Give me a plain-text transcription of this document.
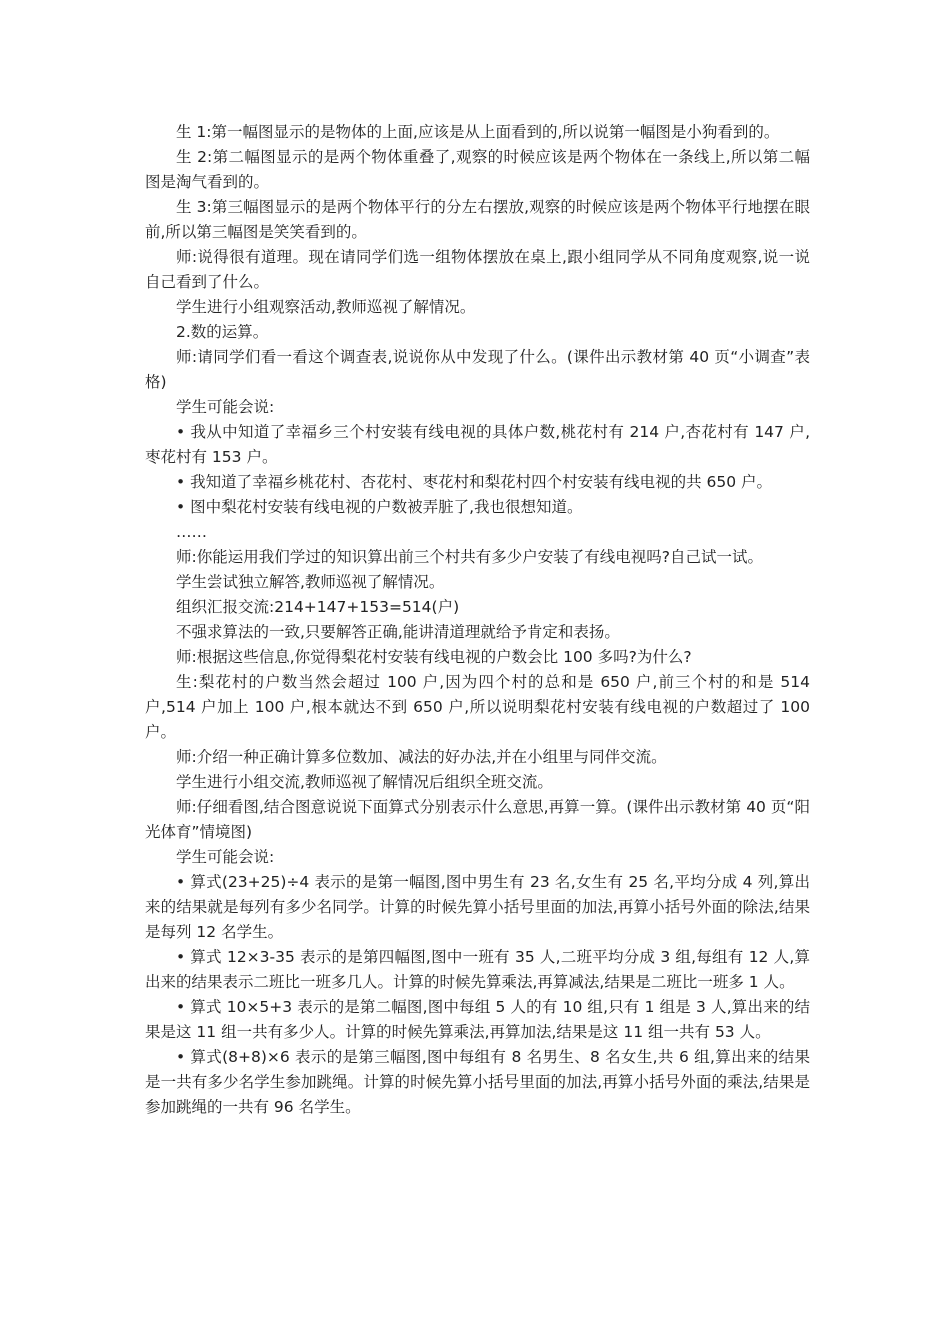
生 1:第一幅图显示的是物体的上面,应该是从上面看到的,所以说第一幅图是小狗看到的。

生 2:第二幅图显示的是两个物体重叠了,观察的时候应该是两个物体在一条线上,所以第二幅图是淘气看到的。

生 3:第三幅图显示的是两个物体平行的分左右摆放,观察的时候应该是两个物体平行地摆在眼前,所以第三幅图是笑笑看到的。

师:说得很有道理。现在请同学们选一组物体摆放在桌上,跟小组同学从不同角度观察,说一说自己看到了什么。

学生进行小组观察活动,教师巡视了解情况。

2.数的运算。

师:请同学们看一看这个调查表,说说你从中发现了什么。(课件出示教材第 40 页“小调查”表格)

学生可能会说:

• 我从中知道了幸福乡三个村安装有线电视的具体户数,桃花村有 214 户,杏花村有 147 户,枣花村有 153 户。

• 我知道了幸福乡桃花村、杏花村、枣花村和梨花村四个村安装有线电视的共 650 户。

• 图中梨花村安装有线电视的户数被弄脏了,我也很想知道。

……

师:你能运用我们学过的知识算出前三个村共有多少户安装了有线电视吗?自己试一试。

学生尝试独立解答,教师巡视了解情况。

组织汇报交流:214+147+153=514(户)

不强求算法的一致,只要解答正确,能讲清道理就给予肯定和表扬。

师:根据这些信息,你觉得梨花村安装有线电视的户数会比 100 多吗?为什么?

生:梨花村的户数当然会超过 100 户,因为四个村的总和是 650 户,前三个村的和是 514 户,514 户加上 100 户,根本就达不到 650 户,所以说明梨花村安装有线电视的户数超过了 100 户。

师:介绍一种正确计算多位数加、减法的好办法,并在小组里与同伴交流。

学生进行小组交流,教师巡视了解情况后组织全班交流。

师:仔细看图,结合图意说说下面算式分别表示什么意思,再算一算。(课件出示教材第 40 页“阳光体育”情境图)

学生可能会说:

• 算式(23+25)÷4 表示的是第一幅图,图中男生有 23 名,女生有 25 名,平均分成 4 列,算出来的结果就是每列有多少名同学。计算的时候先算小括号里面的加法,再算小括号外面的除法,结果是每列 12 名学生。

• 算式 12×3-35 表示的是第四幅图,图中一班有 35 人,二班平均分成 3 组,每组有 12 人,算出来的结果表示二班比一班多几人。计算的时候先算乘法,再算减法,结果是二班比一班多 1 人。

• 算式 10×5+3 表示的是第二幅图,图中每组 5 人的有 10 组,只有 1 组是 3 人,算出来的结果是这 11 组一共有多少人。计算的时候先算乘法,再算加法,结果是这 11 组一共有 53 人。

• 算式(8+8)×6 表示的是第三幅图,图中每组有 8 名男生、8 名女生,共 6 组,算出来的结果是一共有多少名学生参加跳绳。计算的时候先算小括号里面的加法,再算小括号外面的乘法,结果是参加跳绳的一共有 96 名学生。
